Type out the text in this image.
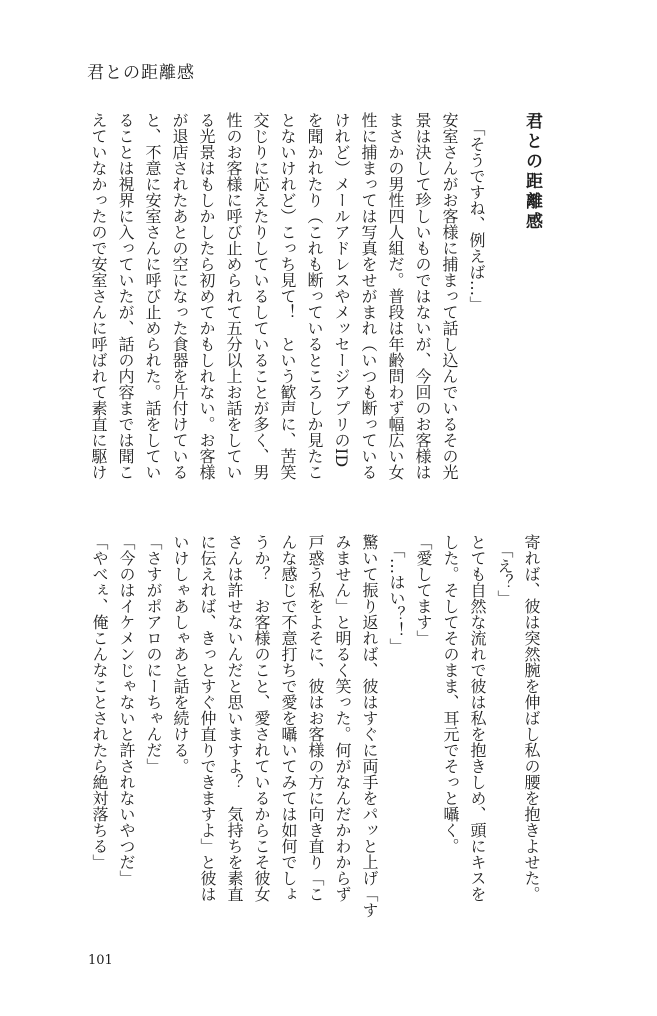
君との距離感
君との距離感
「そうですね、例えば…」
安室さんがお客様に捕まって話し込んでいるその光
景は決して珍しいものではないが、今回のお客様は
まさかの男性四人組だ。普段は年齢問わず幅広い女
性に捕まっては写真をせがまれ（いつも断っている
けれど）メールアドレスやメッセージアプリのID
を聞かれたり（これも断っているところしか見たこ
とないけれど）こっち見て！　という歓声に、苦笑
交じりに応えたりしているしていることが多く、男
性のお客様に呼び止められて五分以上お話をしてい
る光景はもしかしたら初めてかもしれない。お客様
が退店されたあとの空になった食器を片付けている
と、不意に安室さんに呼び止められた。話をしてい
ることは視界に入っていたが、話の内容までは聞こ
えていなかったので安室さんに呼ばれて素直に駆け
寄れば、彼は突然腕を伸ばし私の腰を抱きよせた。
「え？」
とても自然な流れで彼は私を抱きしめ、頭にキスを
した。そしてそのまま、耳元でそっと囁く。
「愛してます」
「…はい？！」
驚いて振り返れば、彼はすぐに両手をパッと上げ「す
みません」と明るく笑った。何がなんだかわからず
戸惑う私をよそに、彼はお客様の方に向き直り「こ
んな感じで不意打ちで愛を囁いてみては如何でしょ
うか？　お客様のこと、愛されているからこそ彼女
さんは許せないんだと思いますよ？　気持ちを素直
に伝えれば、きっとすぐ仲直りできますよ」と彼は
いけしゃあしゃあと話を続ける。
「さすがポアロのにーちゃんだ」
「今のはイケメンじゃないと許されないやつだ」
「やべぇ、俺こんなことされたら絶対落ちる」
101
